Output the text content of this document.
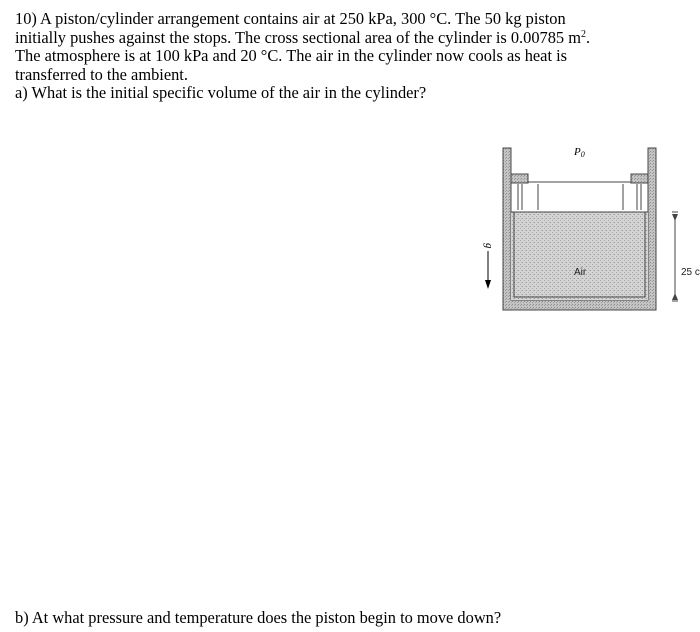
10) A piston/cylinder arrangement contains air at 250 kPa, 300 °C. The 50 kg piston

initially pushes against the stops. The cross sectional area of the cylinder is 0.00785 $m^2$.

The atmosphere is at 100 kPa and 20 °C. The air in the cylinder now cools as heat is

transferred to the ambient.

a) What is the initial specific volume of the air in the cylinder?

P0
g
Air	25 c

b) At what pressure and temperature does the piston begin to move down?
